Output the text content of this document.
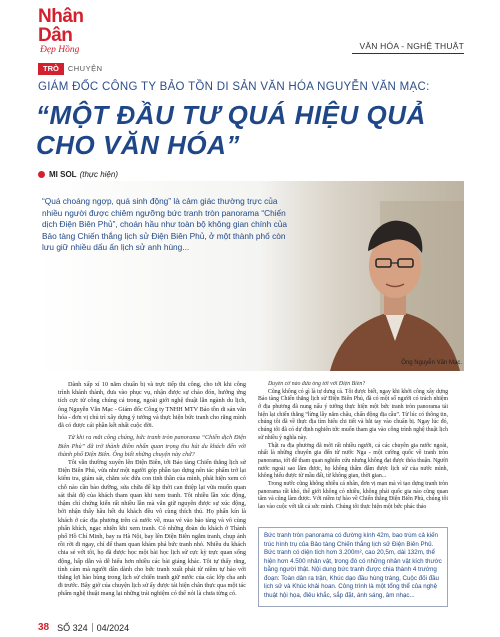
Nhân Dân
Đẹp Hồng	VĂN HÓA - NGHỆ THUẬT
TRÒ	CHUYỆN
GIÁM ĐỐC CÔNG TY BẢO TỒN DI SẢN VĂN HÓA NGUYỄN VĂN MẠC:
“MỘT ĐẦU TƯ QUÁ HIỆU QUẢ
CHO VĂN HÓA”
MI SOL (thực hiện)
“Quá choáng ngợp, quá sinh động” là cảm giác thường trực của nhiều người được chiêm ngưỡng bức tranh tròn panorama “Chiến dịch Điện Biên Phủ”, choán hầu như toàn bộ không gian chính của Bảo tàng Chiến thắng lịch sử Điện Biên Phủ, ở một thành phố còn lưu giữ nhiều dấu ấn lịch sử anh hùng...
Ông Nguyễn Văn Mạc.

Dành xấp xỉ 10 năm chuẩn bị và trực tiếp thi công, cho tới khi công trình khánh thành, đưa vào phục vụ, nhận được sự chào đón, hưởng ứng tích cực từ công chúng cả trong, ngoài giới nghệ thuật lẫn ngành du lịch, ông Nguyễn Văn Mạc - Giám đốc Công ty TNHH MTV Bảo tồn di sản văn hóa - đơn vị chủ trì xây dựng ý tưởng và thực hiện bức tranh cho rằng mình đã có được cái phần kết nhất cuộc đời.

Từ khi ra mắt công chúng, bức tranh tròn panorama “Chiến dịch Điện Biên Phủ” đã trở thành điểm nhấn quan trọng thu hút du khách đến với thành phố Điện Biên. Ông biết những chuyện này chứ?

Tôi vẫn thường xuyên lên Điện Biên, tới Bảo tàng Chiến thắng lịch sử Điện Biên Phủ, vừa như một người góp phần tạo dựng nên tác phẩm trở lại kiểm tra, giám sát, chăm sóc đứa con tinh thần của mình, phát hiện xem có chỗ nào cần bảo dưỡng, sửa chữa để kịp thời can thiệp lại vừa muốn quan sát thái độ của khách tham quan khi xem tranh. Tôi nhiều lần xúc động, thậm chí chứng kiến rất nhiều lần mà vẫn giữ nguyên được sự xúc động, bởi nhận thấy hầu hết du khách đều vô cùng thích thú. Họ phấn kín là khách ở các địa phương trên cả nước về, mua vé vào bảo tàng và vô cùng phấn khích, ngạc nhiên khi xem tranh. Có những đoàn du khách ở Thành phố Hồ Chí Minh, bay ra Hà Nội, bay lên Điện Biên ngắm tranh, chụp ảnh rồi rời đi ngay, chỉ để tham quan khám phá bức tranh nhỏ. Nhiều du khách chia sẻ với tôi, họ đã được học một bài học lịch sử cực kỳ trực quan sống động, hấp dẫn và dễ hiểu hơn nhiều các bài giảng khác. Tôi tự thấy rằng, tình cảm mà người dân dành cho bức tranh xuất phát từ niềm tự hào với thắng lợi hào hùng trong lịch sử chiến tranh giữ nước của các lớp cha anh đi trước. Bây giờ của chuyện lịch sử ấy được tái hiện chân thực qua một tác phẩm nghệ thuật mang lại những trải nghiệm có thể nói là chưa từng có.

Duyên cớ nào đưa ông tới với Điện Biên?

Cũng không có gì là tự dưng cả. Tôi được biết, ngay khi khởi công xây dựng Bảo tàng Chiến thắng lịch sử Điện Biên Phủ, đã có một số người có trách nhiệm ở địa phương đã nung nấu ý tưởng thực hiện một bức tranh tròn panorama tái hiện lại chiến thắng “lừng lẫy năm châu, chấn động địa cầu”. Từ lúc có thông tin, chúng tôi đã về thực địa tìm hiểu chi tiết và bắt tay vào chuẩn bị. Ngay lúc đó, chúng tôi đã có dự định nghiên tức muốn tham gia vào công trình nghệ thuật lịch sử nhiều ý nghĩa này.

Thật ra địa phương đã mời rất nhiều người, cả các chuyên gia nước ngoài, nhất là những chuyên gia đến từ nước Nga - một cường quốc về tranh tròn panorama, tới để tham quan nghiên cứu nhưng không đạt được thỏa thuận. Người nước ngoài sao lăm được, họ không thấm đẫm được lịch sử của nước mình, không hiểu được từ mầu đất, từ không gian, thời gian...

Trong nước cũng không nhiều cá nhân, đơn vị mạn mà vì tạo dựng tranh tròn panorama rất khó, thế giới không có nhiều, không phải quốc gia nào cũng quan tâm và cũng làm được. Với niềm tự hào về Chiến thắng Điện Biên Phủ, chúng tôi lao vào cuộc với tất cả sức mình. Chúng tôi thực hiện một bức phác thảo

Bức tranh tròn panorama có đường kính 42m, bao trùm cả kiến trúc hình trụ của Bảo tàng Chiến thắng lịch sử Điện Biên Phủ. Bức tranh có diện tích hơn 3.200m², cao 20,5m, dài 132m, thể hiện hơn 4.500 nhân vật, trong đó có những nhân vật kích thước bằng người thật. Nội dung bức tranh được chia thành 4 trường đoạn: Toàn dân ra trận, Khúc dạo đầu hùng tráng, Cuộc đối đầu lịch sử và Khúc khải hoan. Công trình là một tổng thể của nghệ thuật hội họa, điêu khắc, sắp đặt, ánh sáng, âm nhạc...
38 SỐ 324 04/2024
